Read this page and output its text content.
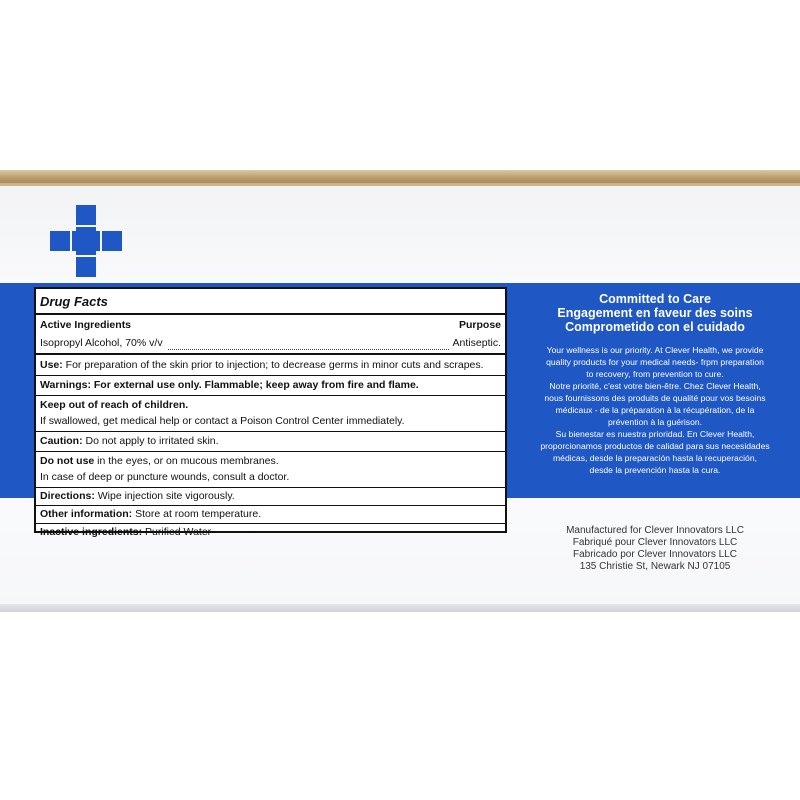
Drug Facts
Active Ingredients	Purpose
Isopropyl Alcohol, 70% v/v	Antiseptic.
Use: For preparation of the skin prior to injection; to decrease germs in minor cuts and scrapes.
Warnings: For external use only. Flammable; keep away from fire and flame.
Keep out of reach of children.
If swallowed, get medical help or contact a Poison Control Center immediately.
Caution: Do not apply to irritated skin.
Do not use in the eyes, or on mucous membranes.
In case of deep or puncture wounds, consult a doctor.
Directions: Wipe injection site vigorously.
Other information: Store at room temperature.
Inactive ingredients: Purified Water
Committed to Care
Engagement en faveur des soins
Comprometido con el cuidado
Your wellness is our priority. At Clever Health, we provide
quality products for your medical needs- frpm preparation
to recovery, from prevention to cure.
Notre priorité, c'est votre bien-être. Chez Clever Health,
nous fournissons des produits de qualité pour vos besoins
médicaux - de la préparation à la récupération, de la
prévention à la guérison.
Su bienestar es nuestra prioridad. En Clever Health,
proporcionamos productos de calidad para sus necesidades
médicas, desde la preparación hasta la recuperación,
desde la prevención hasta la cura.
Manufactured for Clever Innovators LLC
Fabriqué pour Clever Innovators LLC
Fabricado por Clever Innovators LLC
135 Christie St, Newark NJ 07105
